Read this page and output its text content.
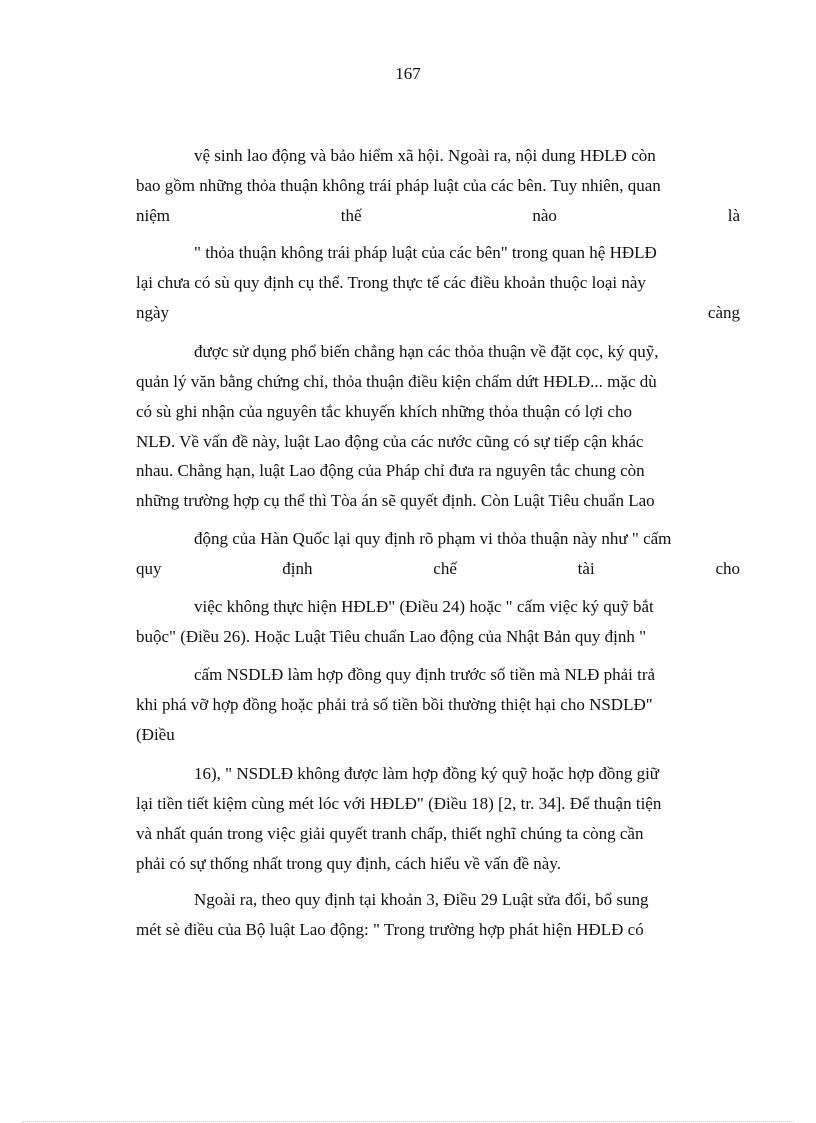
167
vệ sinh lao động và bảo hiểm xã hội. Ngoài ra, nội dung HĐLĐ còn
bao gồm những thỏa thuận không trái pháp luật của các bên. Tuy nhiên, quan
niệm	thế	nào	là
" thỏa thuận không trái pháp luật của các bên" trong quan hệ HĐLĐ
lại chưa có sù quy định cụ thể. Trong thực tế các điều khoản thuộc loại này
ngày	càng
được sử dụng phổ biến chẳng hạn các thỏa thuận về đặt cọc, ký quỹ,
quản lý văn bằng chứng chỉ, thỏa thuận điều kiện chấm dứt HĐLĐ... mặc dù
có sù ghi nhận của nguyên tắc khuyến khích những thỏa thuận có lợi cho
NLĐ. Về vấn đề này, luật Lao động của các nước cũng có sự tiếp cận khác
nhau. Chẳng hạn, luật Lao động của Pháp chỉ đưa ra nguyên tắc chung còn
những trường hợp cụ thể thì Tòa án sẽ quyết định. Còn Luật Tiêu chuẩn Lao
động của Hàn Quốc lại quy định rõ phạm vi thỏa thuận này như " cấm
quy	định	chế	tài	cho
việc không thực hiện HĐLĐ" (Điều 24) hoặc " cấm việc ký quỹ bắt
buộc" (Điều 26). Hoặc Luật Tiêu chuẩn Lao động của Nhật Bản quy định "
cấm NSDLĐ làm hợp đồng quy định trước số tiền mà NLĐ phải trả
khi phá vỡ hợp đồng hoặc phải trả số tiền bồi thường thiệt hại cho NSDLĐ"
(Điều
16), " NSDLĐ không được làm hợp đồng ký quỹ hoặc hợp đồng giữ
lại tiền tiết kiệm cùng mét lóc với HĐLĐ" (Điều 18) [2, tr. 34]. Để thuận tiện
và nhất quán trong việc giải quyết tranh chấp, thiết nghĩ chúng ta còng cần
phải có sự thống nhất trong quy định, cách hiểu về vấn đề này.
Ngoài ra, theo quy định tại khoản 3, Điều 29 Luật sửa đổi, bổ sung
mét sè điều của Bộ luật Lao động: " Trong trường hợp phát hiện HĐLĐ có
